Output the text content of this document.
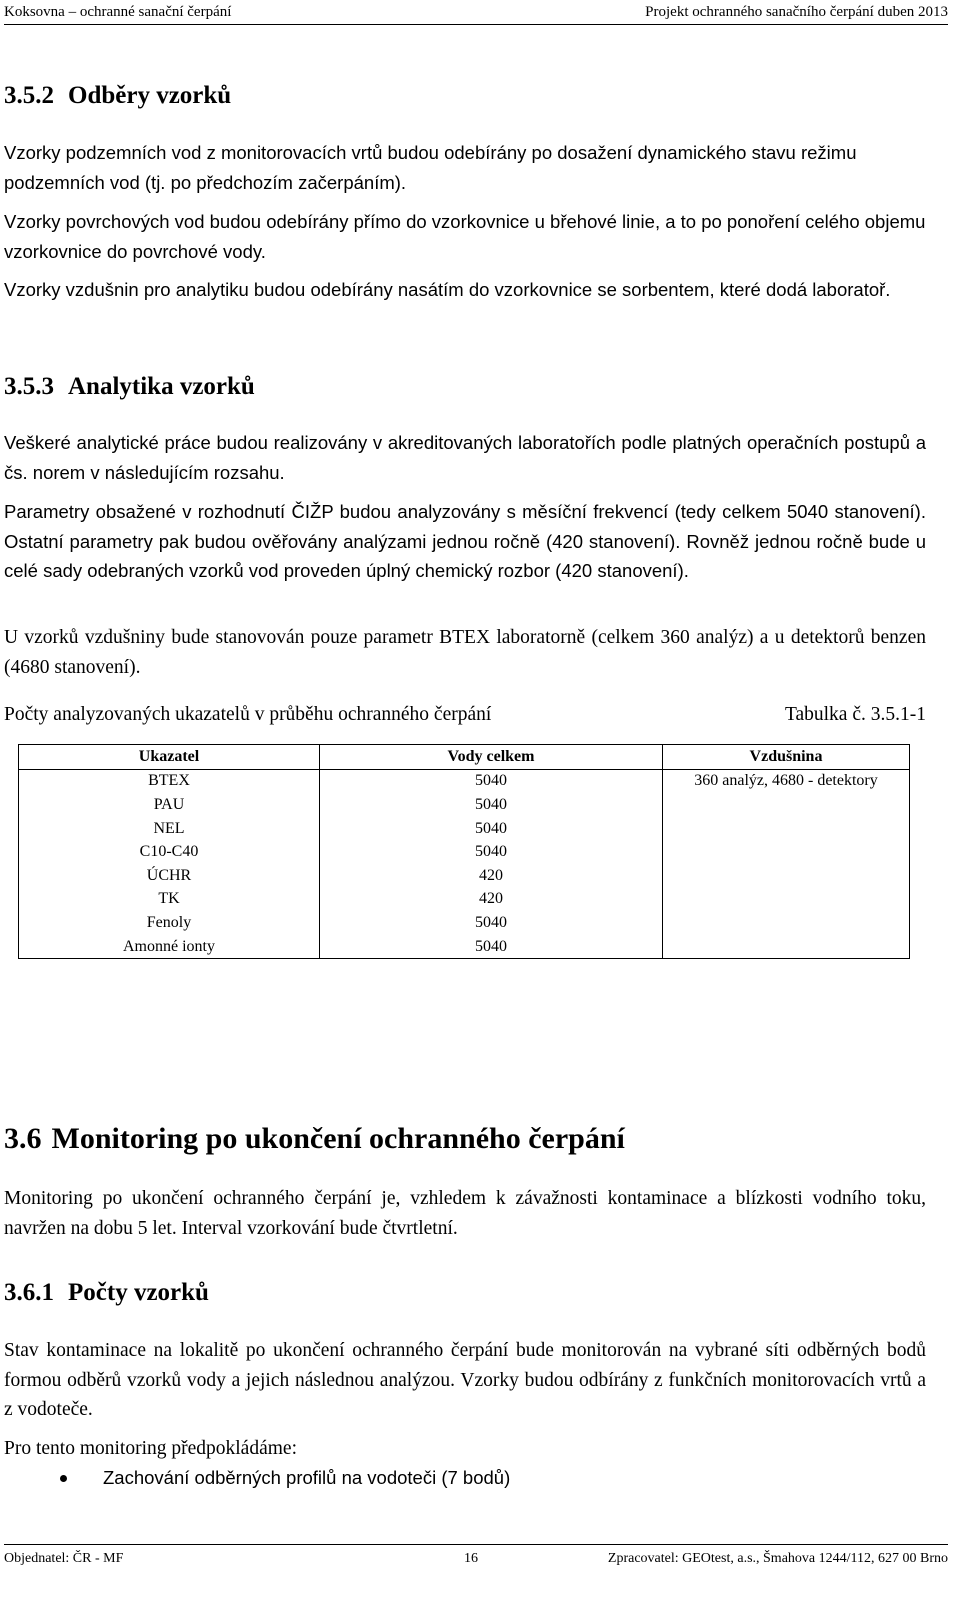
Koksovna – ochranné sanační čerpání	Projekt ochranného sanačního čerpání duben 2013
3.5.2 Odběry vzorků

Vzorky podzemních vod z monitorovacích vrtů budou odebírány po dosažení dynamického stavu režimu podzemních vod (tj. po předchozím začerpáním).

Vzorky povrchových vod budou odebírány přímo do vzorkovnice u břehové linie, a to po ponoření celého objemu vzorkovnice do povrchové vody.

Vzorky vzdušnin pro analytiku budou odebírány nasátím do vzorkovnice se sorbentem, které dodá laboratoř.

3.5.3 Analytika vzorků

Veškeré analytické práce budou realizovány v akreditovaných laboratořích podle platných operačních postupů a čs. norem v následujícím rozsahu.

Parametry obsažené v rozhodnutí ČIŽP budou analyzovány s měsíční frekvencí (tedy celkem 5040 stanovení). Ostatní parametry pak budou ověřovány analýzami jednou ročně (420 stanovení). Rovněž jednou ročně bude u celé sady odebraných vzorků vod proveden úplný chemický rozbor (420 stanovení).

U vzorků vzdušniny bude stanovován pouze parametr BTEX laboratorně (celkem 360 analýz) a u detektorů benzen (4680 stanovení).

Počty analyzovaných ukazatelů v průběhu ochranného čerpání	Tabulka č. 3.5.1-1
Ukazatel	Vody celkem	Vzdušnina
BTEX	5040	360 analýz, 4680 - detektory
PAU	5040	
NEL	5040	
C10-C40	5040	
ÚCHR	420	
TK	420	
Fenoly	5040	
Amonné ionty	5040	
3.6 Monitoring po ukončení ochranného čerpání

Monitoring po ukončení ochranného čerpání je, vzhledem k závažnosti kontaminace a blízkosti vodního toku, navržen na dobu 5 let. Interval vzorkování bude čtvrtletní.

3.6.1 Počty vzorků

Stav kontaminace na lokalitě po ukončení ochranného čerpání bude monitorován na vybrané síti odběrných bodů formou odběrů vzorků vody a jejich následnou analýzou. Vzorky budou odbírány z funkčních monitorovacích vrtů a z vodoteče.

Pro tento monitoring předpokládáme:

Zachování odběrných profilů na vodoteči (7 bodů)
Objednatel: ČR - MF	16	Zpracovatel: GEOtest, a.s., Šmahova 1244/112, 627 00 Brno
